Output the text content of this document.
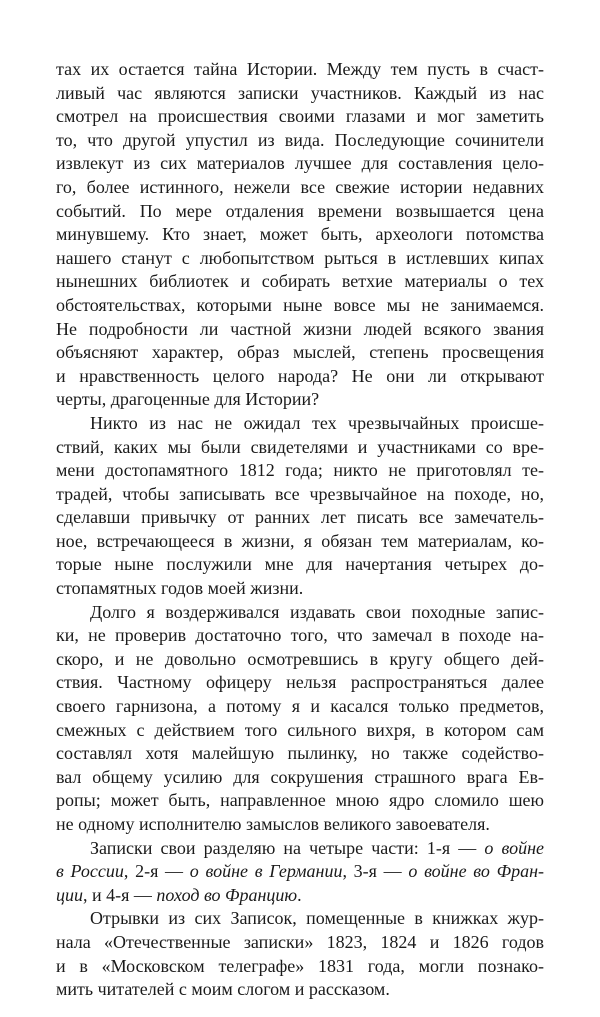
тах их остается тайна Истории. Между тем пусть в счаст-
ливый час являются записки участников. Каждый из нас
смотрел на происшествия своими глазами и мог заметить
то, что другой упустил из вида. Последующие сочинители
извлекут из сих материалов лучшее для составления цело-
го, более истинного, нежели все свежие истории недавних
событий. По мере отдаления времени возвышается цена
минувшему. Кто знает, может быть, археологи потомства
нашего станут с любопытством рыться в истлевших кипах
нынешних библиотек и собирать ветхие материалы о тех
обстоятельствах, которыми ныне вовсе мы не занимаемся.
Не подробности ли частной жизни людей всякого звания
объясняют характер, образ мыслей, степень просвещения
и нравственность целого народа? Не они ли открывают
черты, драгоценные для Истории?
Никто из нас не ожидал тех чрезвычайных происше-
ствий, каких мы были свидетелями и участниками со вре-
мени достопамятного 1812 года; никто не приготовлял те-
традей, чтобы записывать все чрезвычайное на походе, но,
сделавши привычку от ранних лет писать все замечатель-
ное, встречающееся в жизни, я обязан тем материалам, ко-
торые ныне послужили мне для начертания четырех до-
стопамятных годов моей жизни.
Долго я воздерживался издавать свои походные запис-
ки, не проверив достаточно того, что замечал в походе на-
скоро, и не довольно осмотревшись в кругу общего дей-
ствия. Частному офицеру нельзя распространяться далее
своего гарнизона, а потому я и касался только предметов,
смежных с действием того сильного вихря, в котором сам
составлял хотя малейшую пылинку, но также содейство-
вал общему усилию для сокрушения страшного врага Ев-
ропы; может быть, направленное мною ядро сломило шею
не одному исполнителю замыслов великого завоевателя.
Записки свои разделяю на четыре части: 1-я — о войне
в России, 2-я — о войне в Германии, 3-я — о войне во Фран-
ции, и 4-я — поход во Францию.
Отрывки из сих Записок, помещенные в книжках жур-
нала «Отечественные записки» 1823, 1824 и 1826 годов
и в «Московском телеграфе» 1831 года, могли познако-
мить читателей с моим слогом и рассказом.
